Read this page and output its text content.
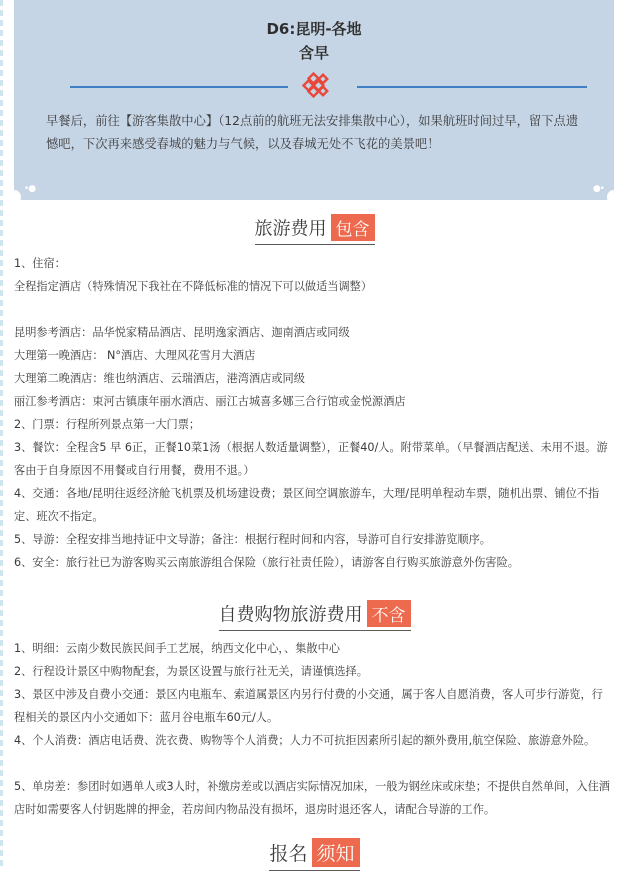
D6:昆明-各地
含早
早餐后，前往【游客集散中心】（12点前的航班无法安排集散中心），如果航班时间过早，留下点遗憾吧，下次再来感受春城的魅力与气候，以及春城无处不飞花的美景吧！
•●	●•
旅游费用 包含
1、住宿：
全程指定酒店（特殊情况下我社在不降低标准的情况下可以做适当调整）
昆明参考酒店：品华悦家精品酒店、昆明逸家酒店、迦南酒店或同级
大理第一晚酒店： N°酒店、大理风花雪月大酒店
大理第二晚酒店：维也纳酒店、云瑞酒店，港湾酒店或同级
丽江参考酒店：束河古镇康年丽水酒店、丽江古城喜多娜三合行馆或金悦源酒店
2、门票：行程所列景点第一大门票；
3、餐饮：全程含5 早 6正，正餐10菜1汤（根据人数适量调整），正餐40/人。附带菜单。（早餐酒店配送、未用不退。游客由于自身原因不用餐或自行用餐，费用不退。）
4、交通：各地/昆明往返经济舱飞机票及机场建设费；景区间空调旅游车，大理/昆明单程动车票，随机出票、铺位不指定、班次不指定。
5、导游：全程安排当地持证中文导游；备注：根据行程时间和内容，导游可自行安排游览顺序。
6、安全：旅行社已为游客购买云南旅游组合保险（旅行社责任险），请游客自行购买旅游意外伤害险。
自费购物旅游费用 不含
1、明细：云南少数民族民间手工艺展，纳西文化中心，、集散中心
2、行程设计景区中购物配套，为景区设置与旅行社无关，请谨慎选择。
3、景区中涉及自费小交通：景区内电瓶车、索道属景区内另行付费的小交通，属于客人自愿消费，客人可步行游览，行程相关的景区内小交通如下：蓝月谷电瓶车60元/人。
4、个人消费：酒店电话费、洗衣费、购物等个人消费；人力不可抗拒因素所引起的额外费用,航空保险、旅游意外险。
5、单房差：参团时如遇单人或3人时，补缴房差或以酒店实际情况加床，一般为钢丝床或床垫；不提供自然单间，入住酒店时如需要客人付钥匙牌的押金，若房间内物品没有损坏，退房时退还客人，请配合导游的工作。
报名 须知
